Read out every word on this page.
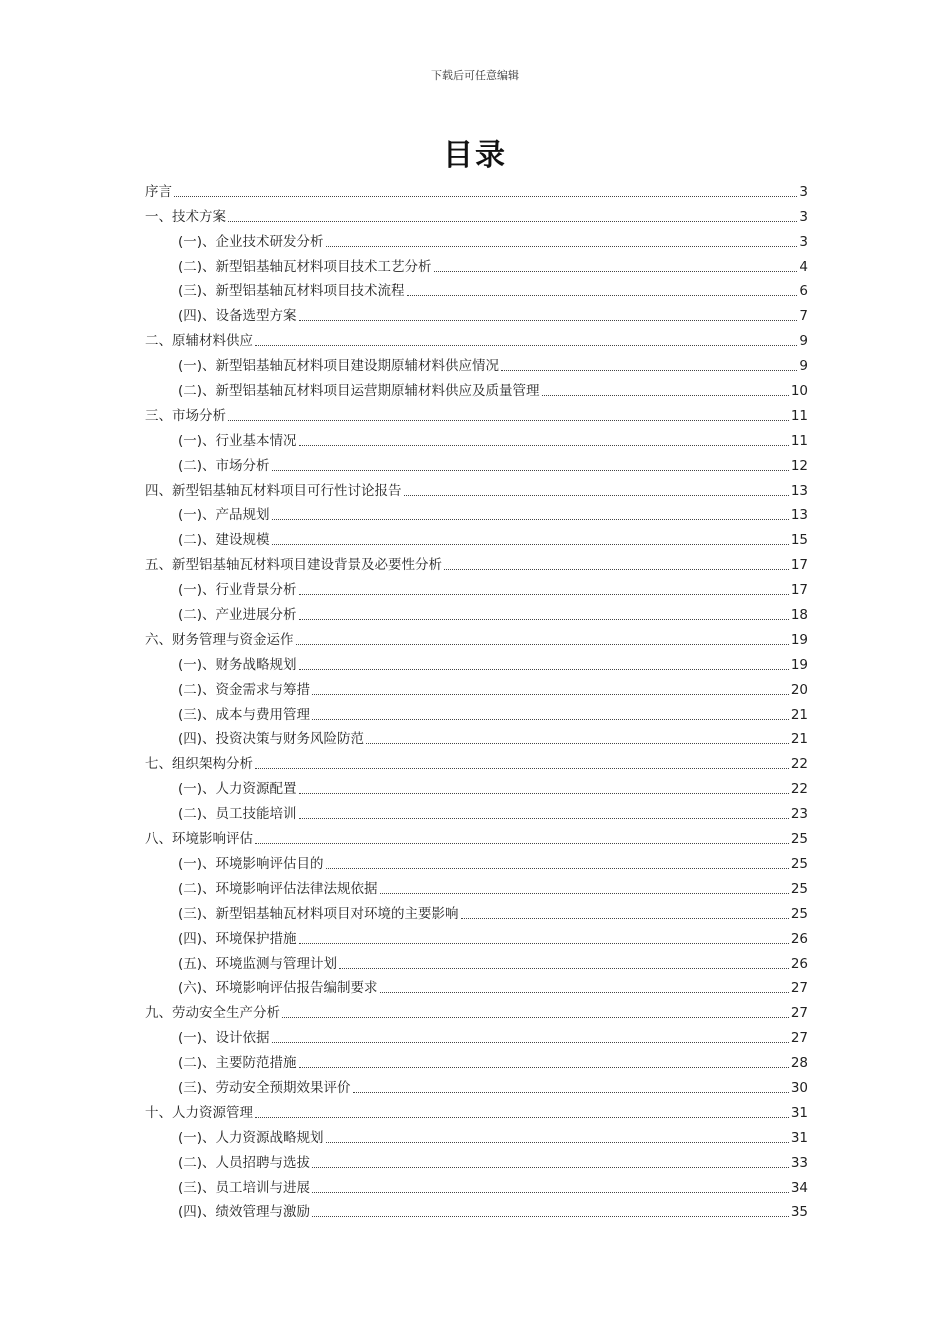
下载后可任意编辑
目录
序言	3
一、技术方案	3
(一)、企业技术研发分析	3
(二)、新型铝基轴瓦材料项目技术工艺分析	4
(三)、新型铝基轴瓦材料项目技术流程	6
(四)、设备选型方案	7
二、原辅材料供应	9
(一)、新型铝基轴瓦材料项目建设期原辅材料供应情况	9
(二)、新型铝基轴瓦材料项目运营期原辅材料供应及质量管理	10
三、市场分析	11
(一)、行业基本情况	11
(二)、市场分析	12
四、新型铝基轴瓦材料项目可行性讨论报告	13
(一)、产品规划	13
(二)、建设规模	15
五、新型铝基轴瓦材料项目建设背景及必要性分析	17
(一)、行业背景分析	17
(二)、产业进展分析	18
六、财务管理与资金运作	19
(一)、财务战略规划	19
(二)、资金需求与筹措	20
(三)、成本与费用管理	21
(四)、投资决策与财务风险防范	21
七、组织架构分析	22
(一)、人力资源配置	22
(二)、员工技能培训	23
八、环境影响评估	25
(一)、环境影响评估目的	25
(二)、环境影响评估法律法规依据	25
(三)、新型铝基轴瓦材料项目对环境的主要影响	25
(四)、环境保护措施	26
(五)、环境监测与管理计划	26
(六)、环境影响评估报告编制要求	27
九、劳动安全生产分析	27
(一)、设计依据	27
(二)、主要防范措施	28
(三)、劳动安全预期效果评价	30
十、人力资源管理	31
(一)、人力资源战略规划	31
(二)、人员招聘与选拔	33
(三)、员工培训与进展	34
(四)、绩效管理与激励	35
